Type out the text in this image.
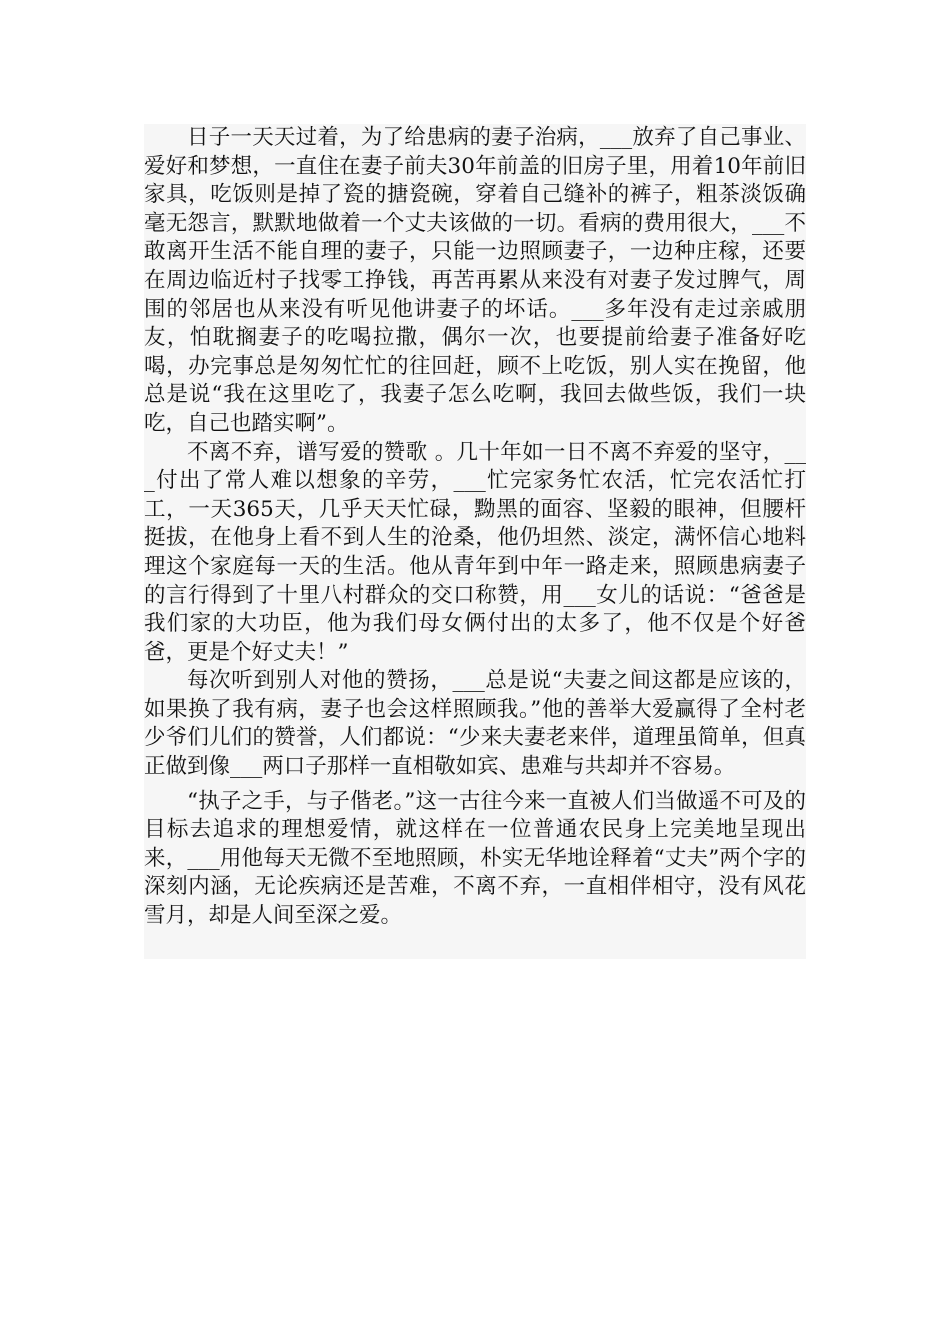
日子一天天过着，为了给患病的妻子治病，___放弃了自己事业、爱好和梦想，一直住在妻子前夫30年前盖的旧房子里，用着10年前旧家具，吃饭则是掉了瓷的搪瓷碗，穿着自己缝补的裤子，粗茶淡饭确毫无怨言，默默地做着一个丈夫该做的一切。看病的费用很大，___不敢离开生活不能自理的妻子，只能一边照顾妻子，一边种庄稼，还要在周边临近村子找零工挣钱，再苦再累从来没有对妻子发过脾气，周围的邻居也从来没有听见他讲妻子的坏话。___多年没有走过亲戚朋友，怕耽搁妻子的吃喝拉撒，偶尔一次，也要提前给妻子准备好吃喝，办完事总是匆匆忙忙的往回赶，顾不上吃饭，别人实在挽留，他总是说“我在这里吃了，我妻子怎么吃啊，我回去做些饭，我们一块吃，自己也踏实啊”。

不离不弃，谱写爱的赞歌 。几十年如一日不离不弃爱的坚守，___付出了常人难以想象的辛劳，___忙完家务忙农活，忙完农活忙打工，一天365天，几乎天天忙碌，黝黑的面容、坚毅的眼神，但腰杆挺拔，在他身上看不到人生的沧桑，他仍坦然、淡定，满怀信心地料理这个家庭每一天的生活。他从青年到中年一路走来，照顾患病妻子的言行得到了十里八村群众的交口称赞，用___女儿的话说：“爸爸是我们家的大功臣，他为我们母女俩付出的太多了，他不仅是个好爸爸，更是个好丈夫！”

每次听到别人对他的赞扬，___总是说“夫妻之间这都是应该的，如果换了我有病，妻子也会这样照顾我。”他的善举大爱赢得了全村老少爷们儿们的赞誉，人们都说：“少来夫妻老来伴，道理虽简单，但真正做到像___两口子那样一直相敬如宾、患难与共却并不容易。

“执子之手，与子偕老。”这一古往今来一直被人们当做遥不可及的目标去追求的理想爱情，就这样在一位普通农民身上完美地呈现出来，___用他每天无微不至地照顾，朴实无华地诠释着“丈夫”两个字的深刻内涵，无论疾病还是苦难，不离不弃，一直相伴相守，没有风花雪月，却是人间至深之爱。
